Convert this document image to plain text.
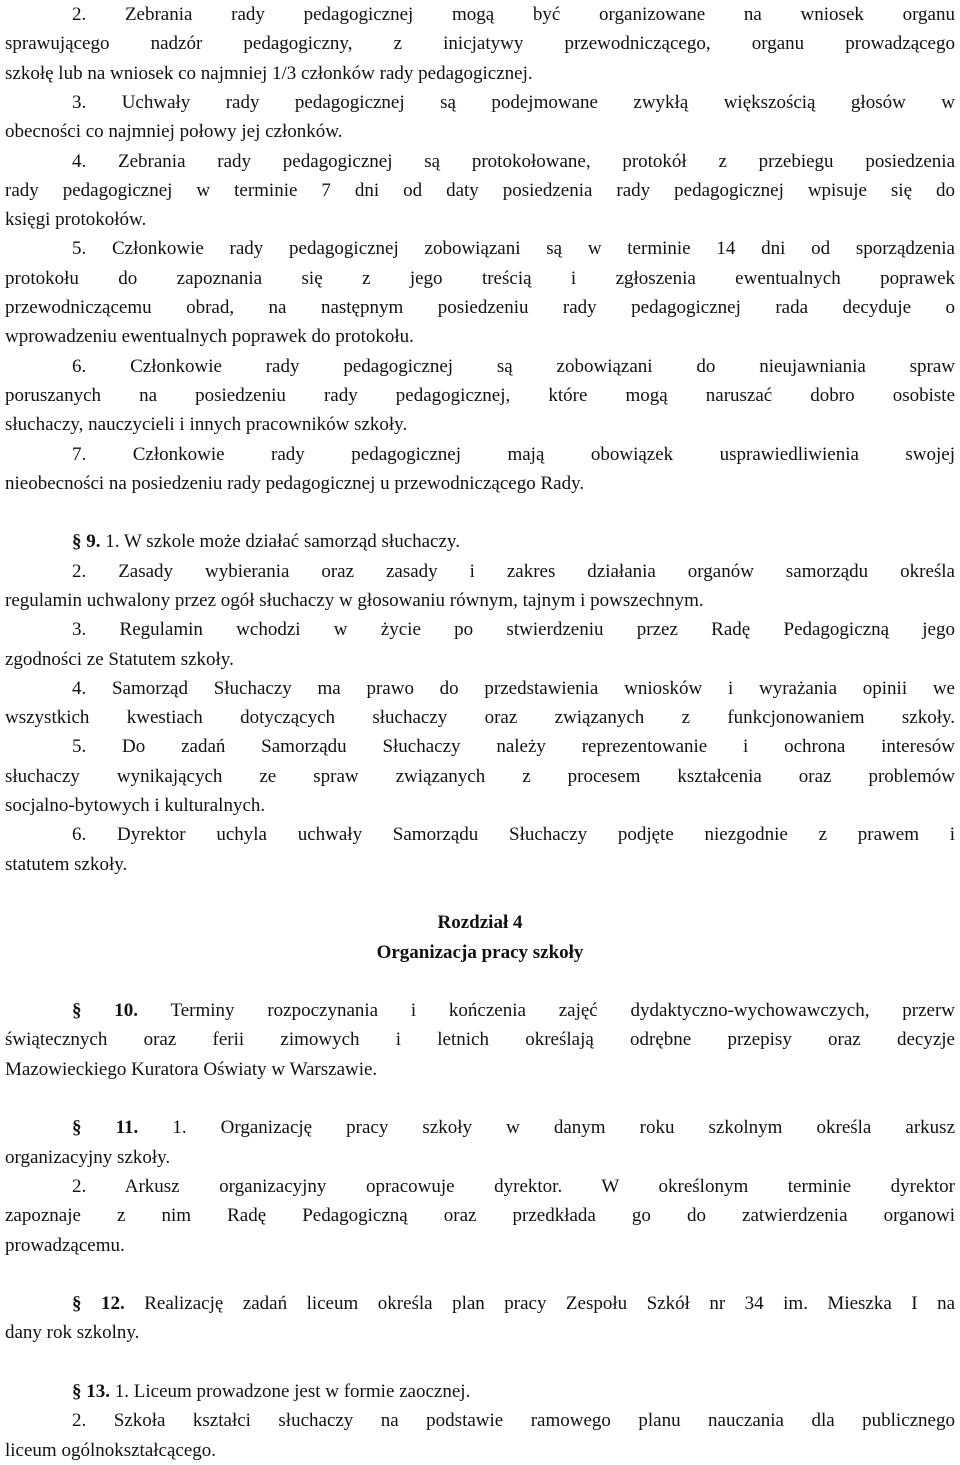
2. Zebrania rady pedagogicznej mogą być organizowane na wniosek organu
sprawującego nadzór pedagogiczny, z inicjatywy przewodniczącego, organu prowadzącego
szkołę lub na wniosek co najmniej 1/3 członków rady pedagogicznej.
3. Uchwały rady pedagogicznej są podejmowane zwykłą większością głosów w
obecności co najmniej połowy jej członków.
4. Zebrania rady pedagogicznej są protokołowane, protokół z przebiegu posiedzenia
rady pedagogicznej w terminie 7 dni od daty posiedzenia rady pedagogicznej wpisuje się do
księgi protokołów.
5. Członkowie rady pedagogicznej zobowiązani są w terminie 14 dni od sporządzenia
protokołu do zapoznania się z jego treścią i zgłoszenia ewentualnych poprawek
przewodniczącemu obrad, na następnym posiedzeniu rady pedagogicznej rada decyduje o
wprowadzeniu ewentualnych poprawek do protokołu.
6. Członkowie rady pedagogicznej są zobowiązani do nieujawniania spraw
poruszanych na posiedzeniu rady pedagogicznej, które mogą naruszać dobro osobiste
słuchaczy, nauczycieli i innych pracowników szkoły.
7. Członkowie rady pedagogicznej mają obowiązek usprawiedliwienia swojej
nieobecności na posiedzeniu rady pedagogicznej u przewodniczącego Rady.
§ 9. 1. W szkole może działać samorząd słuchaczy.
2. Zasady wybierania oraz zasady i zakres działania organów samorządu określa
regulamin uchwalony przez ogół słuchaczy w głosowaniu równym, tajnym i powszechnym.
3. Regulamin wchodzi w życie po stwierdzeniu przez Radę Pedagogiczną jego
zgodności ze Statutem szkoły.
4. Samorząd Słuchaczy ma prawo do przedstawienia wniosków i wyrażania opinii we
wszystkich kwestiach dotyczących słuchaczy oraz związanych z funkcjonowaniem szkoły.
5. Do zadań Samorządu Słuchaczy należy reprezentowanie i ochrona interesów
słuchaczy wynikających ze spraw związanych z procesem kształcenia oraz problemów
socjalno-bytowych i kulturalnych.
6. Dyrektor uchyla uchwały Samorządu Słuchaczy podjęte niezgodnie z prawem i
statutem szkoły.
Rozdział 4
Organizacja pracy szkoły
§ 10. Terminy rozpoczynania i kończenia zajęć dydaktyczno-wychowawczych, przerw
świątecznych oraz ferii zimowych i letnich określają odrębne przepisy oraz decyzje
Mazowieckiego Kuratora Oświaty w Warszawie.
§ 11. 1. Organizację pracy szkoły w danym roku szkolnym określa arkusz
organizacyjny szkoły.
2. Arkusz organizacyjny opracowuje dyrektor. W określonym terminie dyrektor
zapoznaje z nim Radę Pedagogiczną oraz przedkłada go do zatwierdzenia organowi
prowadzącemu.
§ 12. Realizację zadań liceum określa plan pracy Zespołu Szkół nr 34 im. Mieszka I na
dany rok szkolny.
§ 13. 1. Liceum prowadzone jest w formie zaocznej.
2. Szkoła kształci słuchaczy na podstawie ramowego planu nauczania dla publicznego
liceum ogólnokształcącego.
